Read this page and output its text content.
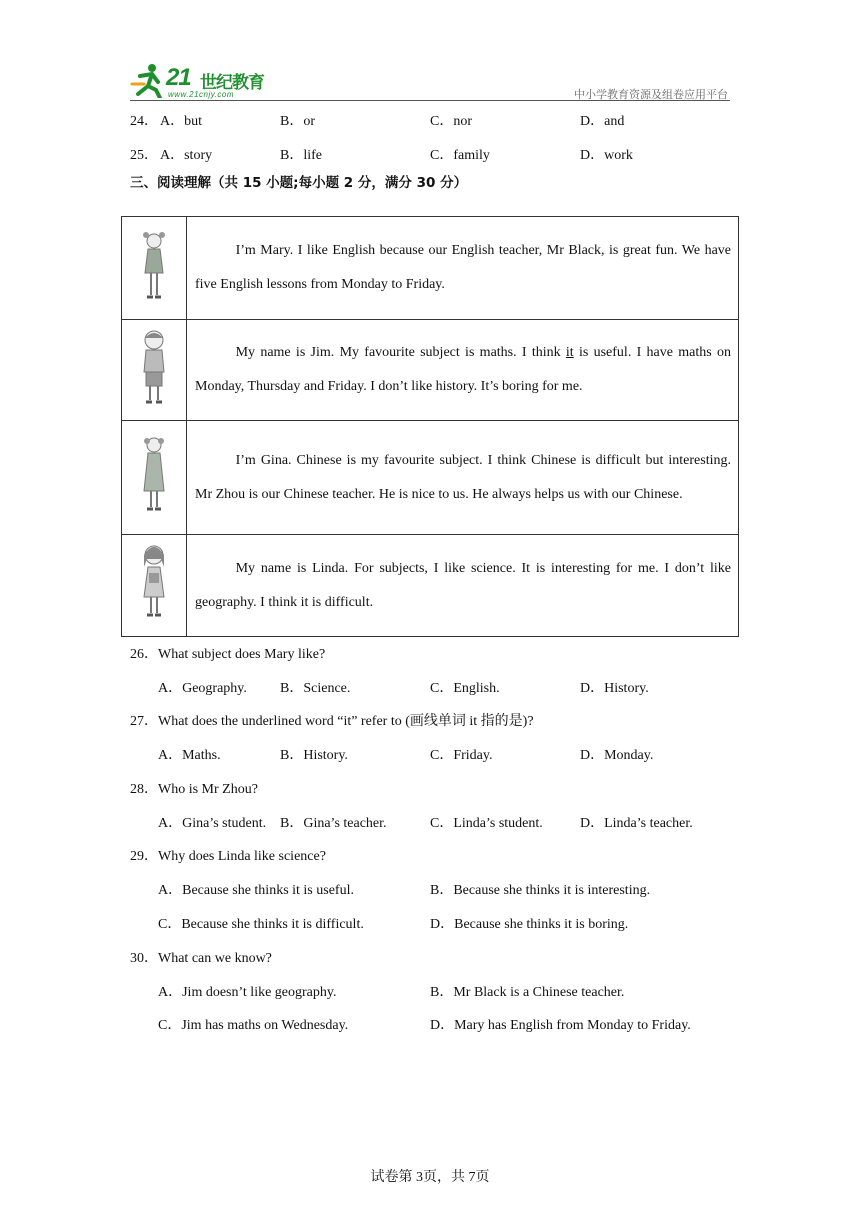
21 世纪教育
www.21cnjy.com	中小学教育资源及组卷应用平台
24． A．but	B．or	C．nor	D．and
25． A．story	B．life	C．family	D．work
三、阅读理解（共 15 小题;每小题 2 分，满分 30 分）

I’m Mary. I like English because our English teacher, Mr Black, is great fun. We have five English lessons from Monday to Friday.

My name is Jim. My favourite subject is maths. I think it is useful. I have maths on Monday, Thursday and Friday. I don’t like history. It’s boring for me.

I’m Gina. Chinese is my favourite subject. I think Chinese is difficult but interesting. Mr Zhou is our Chinese teacher. He is nice to us. He always helps us with our Chinese.

My name is Linda. For subjects, I like science. It is interesting for me. I don’t like geography. I think it is difficult.
26．What subject does Mary like?
A．Geography. B．Science.	C．English.	D．History.
27．What does the underlined word “it” refer to (画线单词 it 指的是)?
A．Maths.	B．History.	C．Friday.	D．Monday.
28．Who is Mr Zhou?
A．Gina’s student. B．Gina’s teacher.	C．Linda’s student.	D．Linda’s teacher.
29．Why does Linda like science?
A．Because she thinks it is useful.	B．Because she thinks it is interesting.
C．Because she thinks it is difficult.	D．Because she thinks it is boring.
30．What can we know?
A．Jim doesn’t like geography.	B．Mr Black is a Chinese teacher.
C．Jim has maths on Wednesday.	D．Mary has English from Monday to Friday.
试卷第 3页，共 7页
